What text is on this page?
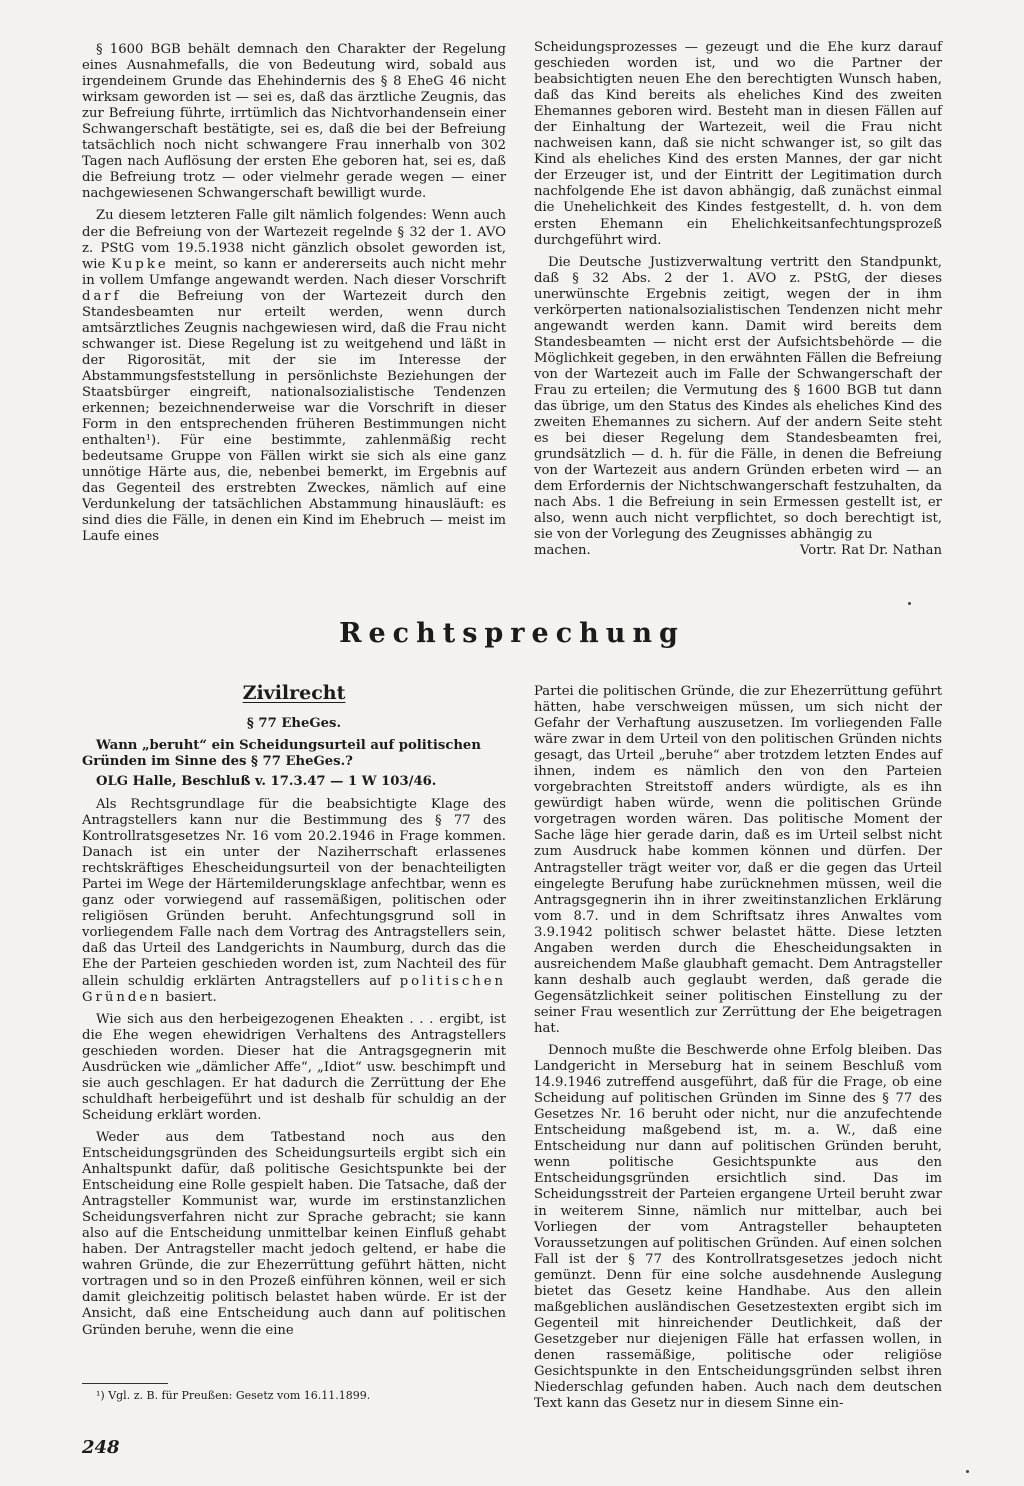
§ 1600 BGB behält demnach den Charakter der Regelung eines Ausnahmefalls, die von Bedeutung wird, sobald aus irgendeinem Grunde das Ehehindernis des § 8 EheG 46 nicht wirksam geworden ist — sei es, daß das ärztliche Zeugnis, das zur Befreiung führte, irrtümlich das Nichtvorhandensein einer Schwangerschaft bestätigte, sei es, daß die bei der Befreiung tatsächlich noch nicht schwangere Frau innerhalb von 302 Tagen nach Auflösung der ersten Ehe geboren hat, sei es, daß die Befreiung trotz — oder vielmehr gerade wegen — einer nachgewiesenen Schwangerschaft bewilligt wurde.

Zu diesem letzteren Falle gilt nämlich folgendes: Wenn auch der die Befreiung von der Wartezeit regelnde § 32 der 1. AVO z. PStG vom 19.5.1938 nicht gänzlich obsolet geworden ist, wie Kupke meint, so kann er andererseits auch nicht mehr in vollem Umfange angewandt werden. Nach dieser Vorschrift darf die Befreiung von der Wartezeit durch den Standesbeamten nur erteilt werden, wenn durch amtsärztliches Zeugnis nachgewiesen wird, daß die Frau nicht schwanger ist. Diese Regelung ist zu weitgehend und läßt in der Rigorosität, mit der sie im Interesse der Abstammungsfeststellung in persönlichste Beziehungen der Staatsbürger eingreift, nationalsozialistische Tendenzen erkennen; bezeichnenderweise war die Vorschrift in dieser Form in den entsprechenden früheren Bestimmungen nicht enthalten¹). Für eine bestimmte, zahlenmäßig recht bedeutsame Gruppe von Fällen wirkt sie sich als eine ganz unnötige Härte aus, die, nebenbei bemerkt, im Ergebnis auf das Gegenteil des erstrebten Zweckes, nämlich auf eine Verdunkelung der tatsächlichen Abstammung hinausläuft: es sind dies die Fälle, in denen ein Kind im Ehebruch — meist im Laufe eines

Scheidungsprozesses — gezeugt und die Ehe kurz darauf geschieden worden ist, und wo die Partner der beabsichtigten neuen Ehe den berechtigten Wunsch haben, daß das Kind bereits als eheliches Kind des zweiten Ehemannes geboren wird. Besteht man in diesen Fällen auf der Einhaltung der Wartezeit, weil die Frau nicht nachweisen kann, daß sie nicht schwanger ist, so gilt das Kind als eheliches Kind des ersten Mannes, der gar nicht der Erzeuger ist, und der Eintritt der Legitimation durch nachfolgende Ehe ist davon abhängig, daß zunächst einmal die Unehelichkeit des Kindes festgestellt, d. h. von dem ersten Ehemann ein Ehelichkeitsanfechtungsprozeß durchgeführt wird.

Die Deutsche Justizverwaltung vertritt den Standpunkt, daß § 32 Abs. 2 der 1. AVO z. PStG, der dieses unerwünschte Ergebnis zeitigt, wegen der in ihm verkörperten nationalsozialistischen Tendenzen nicht mehr angewandt werden kann. Damit wird bereits dem Standesbeamten — nicht erst der Aufsichtsbehörde — die Möglichkeit gegeben, in den erwähnten Fällen die Befreiung von der Wartezeit auch im Falle der Schwangerschaft der Frau zu erteilen; die Vermutung des § 1600 BGB tut dann das übrige, um den Status des Kindes als eheliches Kind des zweiten Ehemannes zu sichern. Auf der andern Seite steht es bei dieser Regelung dem Standesbeamten frei, grundsätzlich — d. h. für die Fälle, in denen die Befreiung von der Wartezeit aus andern Gründen erbeten wird — an dem Erfordernis der Nichtschwangerschaft festzuhalten, da nach Abs. 1 die Befreiung in sein Ermessen gestellt ist, er also, wenn auch nicht verpflichtet, so doch berechtigt ist, sie von der Vorlegung des Zeugnisses abhängig zu

machen.	Vortr. Rat Dr. Nathan
Rechtsprechung
Zivilrecht
§ 77 EheGes.
Wann „beruht“ ein Scheidungsurteil auf politischen Gründen im Sinne des § 77 EheGes.?
OLG Halle, Beschluß v. 17.3.47 — 1 W 103/46.

Als Rechtsgrundlage für die beabsichtigte Klage des Antragstellers kann nur die Bestimmung des § 77 des Kontrollratsgesetzes Nr. 16 vom 20.2.1946 in Frage kommen. Danach ist ein unter der Naziherrschaft erlassenes rechtskräftiges Ehescheidungsurteil von der benachteiligten Partei im Wege der Härtemilderungsklage anfechtbar, wenn es ganz oder vorwiegend auf rassemäßigen, politischen oder religiösen Gründen beruht. Anfechtungsgrund soll in vorliegendem Falle nach dem Vortrag des Antragstellers sein, daß das Urteil des Landgerichts in Naumburg, durch das die Ehe der Parteien geschieden worden ist, zum Nachteil des für allein schuldig erklärten Antragstellers auf politischen Gründen basiert.

Wie sich aus den herbeigezogenen Eheakten . . . ergibt, ist die Ehe wegen ehewidrigen Verhaltens des Antragstellers geschieden worden. Dieser hat die Antragsgegnerin mit Ausdrücken wie „dämlicher Affe“, „Idiot“ usw. beschimpft und sie auch geschlagen. Er hat dadurch die Zerrüttung der Ehe schuldhaft herbeigeführt und ist deshalb für schuldig an der Scheidung erklärt worden.

Weder aus dem Tatbestand noch aus den Entscheidungsgründen des Scheidungsurteils ergibt sich ein Anhaltspunkt dafür, daß politische Gesichtspunkte bei der Entscheidung eine Rolle gespielt haben. Die Tatsache, daß der Antragsteller Kommunist war, wurde im erstinstanzlichen Scheidungsverfahren nicht zur Sprache gebracht; sie kann also auf die Entscheidung unmittelbar keinen Einfluß gehabt haben. Der Antragsteller macht jedoch geltend, er habe die wahren Gründe, die zur Ehezerrüttung geführt hätten, nicht vortragen und so in den Prozeß einführen können, weil er sich damit gleichzeitig politisch belastet haben würde. Er ist der Ansicht, daß eine Entscheidung auch dann auf politischen Gründen beruhe, wenn die eine

Partei die politischen Gründe, die zur Ehezerrüttung geführt hätten, habe verschweigen müssen, um sich nicht der Gefahr der Verhaftung auszusetzen. Im vorliegenden Falle wäre zwar in dem Urteil von den politischen Gründen nichts gesagt, das Urteil „beruhe“ aber trotzdem letzten Endes auf ihnen, indem es nämlich den von den Parteien vorgebrachten Streitstoff anders würdigte, als es ihn gewürdigt haben würde, wenn die politischen Gründe vorgetragen worden wären. Das politische Moment der Sache läge hier gerade darin, daß es im Urteil selbst nicht zum Ausdruck habe kommen können und dürfen. Der Antragsteller trägt weiter vor, daß er die gegen das Urteil eingelegte Berufung habe zurücknehmen müssen, weil die Antragsgegnerin ihn in ihrer zweitinstanzlichen Erklärung vom 8.7. und in dem Schriftsatz ihres Anwaltes vom 3.9.1942 politisch schwer belastet hätte. Diese letzten Angaben werden durch die Ehescheidungsakten in ausreichendem Maße glaubhaft gemacht. Dem Antragsteller kann deshalb auch geglaubt werden, daß gerade die Gegensätzlichkeit seiner politischen Einstellung zu der seiner Frau wesentlich zur Zerrüttung der Ehe beigetragen hat.

Dennoch mußte die Beschwerde ohne Erfolg bleiben. Das Landgericht in Merseburg hat in seinem Beschluß vom 14.9.1946 zutreffend ausgeführt, daß für die Frage, ob eine Scheidung auf politischen Gründen im Sinne des § 77 des Gesetzes Nr. 16 beruht oder nicht, nur die anzufechtende Entscheidung maßgebend ist, m. a. W., daß eine Entscheidung nur dann auf politischen Gründen beruht, wenn politische Gesichtspunkte aus den Entscheidungsgründen ersichtlich sind. Das im Scheidungsstreit der Parteien ergangene Urteil beruht zwar in weiterem Sinne, nämlich nur mittelbar, auch bei Vorliegen der vom Antragsteller behaupteten Voraussetzungen auf politischen Gründen. Auf einen solchen Fall ist der § 77 des Kontrollratsgesetzes jedoch nicht gemünzt. Denn für eine solche ausdehnende Auslegung bietet das Gesetz keine Handhabe. Aus den allein maßgeblichen ausländischen Gesetzestexten ergibt sich im Gegenteil mit hinreichender Deutlichkeit, daß der Gesetzgeber nur diejenigen Fälle hat erfassen wollen, in denen rassemäßige, politische oder religiöse Gesichtspunkte in den Entscheidungsgründen selbst ihren Niederschlag gefunden haben. Auch nach dem deutschen Text kann das Gesetz nur in diesem Sinne ein-

¹) Vgl. z. B. für Preußen: Gesetz vom 16.11.1899.
248
